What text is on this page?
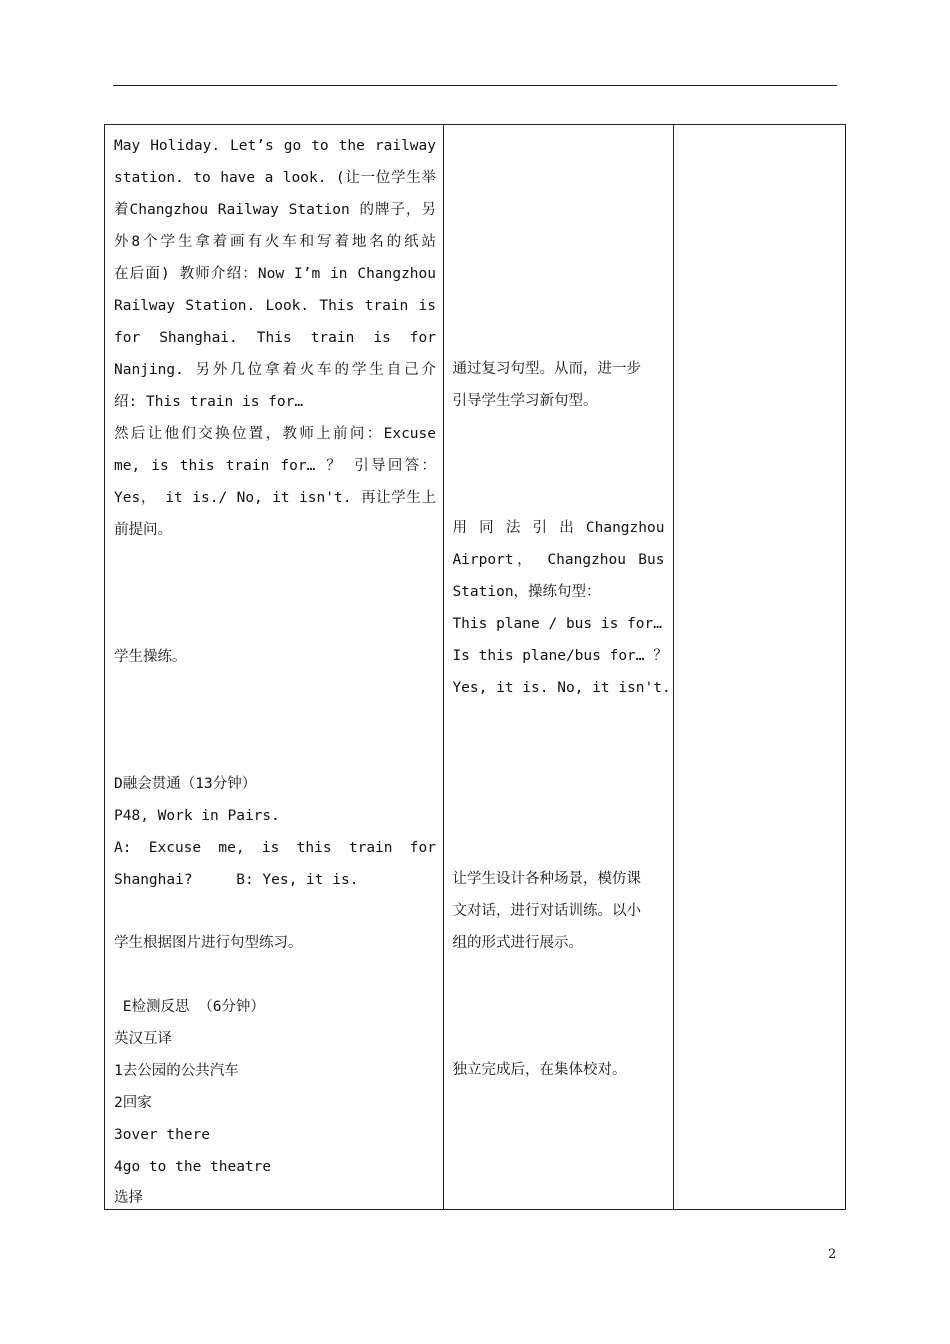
May Holiday. Let’s go to the railway
station. to have a look. (让一位学生举
着Changzhou Railway Station 的牌子，另
外8个学生拿着画有火车和写着地名的纸站
在后面) 教师介绍：Now I’m in Changzhou
Railway Station. Look. This train is
for Shanghai. This train is for
Nanjing. 另外几位拿着火车的学生自己介
绍: This train is for…
然后让他们交换位置，教师上前问：Excuse
me, is this train for… ？ 引导回答：
Yes， it is./ No, it isn't. 再让学生上
前提问。
学生操练。
D融会贯通（13分钟）
P48, Work in Pairs.
A: Excuse me, is this train for
Shanghai?     B: Yes, it is.
学生根据图片进行句型练习。
E检测反思 （6分钟）
英汉互译
1去公园的公共汽车
2回家
3over there
4go to the theatre
选择

通过复习句型。从而，进一步
引导学生学习新句型。
用 同 法 引 出 Changzhou
Airport， Changzhou Bus
Station，操练句型：
This plane / bus is for…
Is this plane/bus for… ？
Yes, it is. No, it isn't.
让学生设计各种场景，模仿课
文对话，进行对话训练。以小
组的形式进行展示。
独立完成后，在集体校对。

2
